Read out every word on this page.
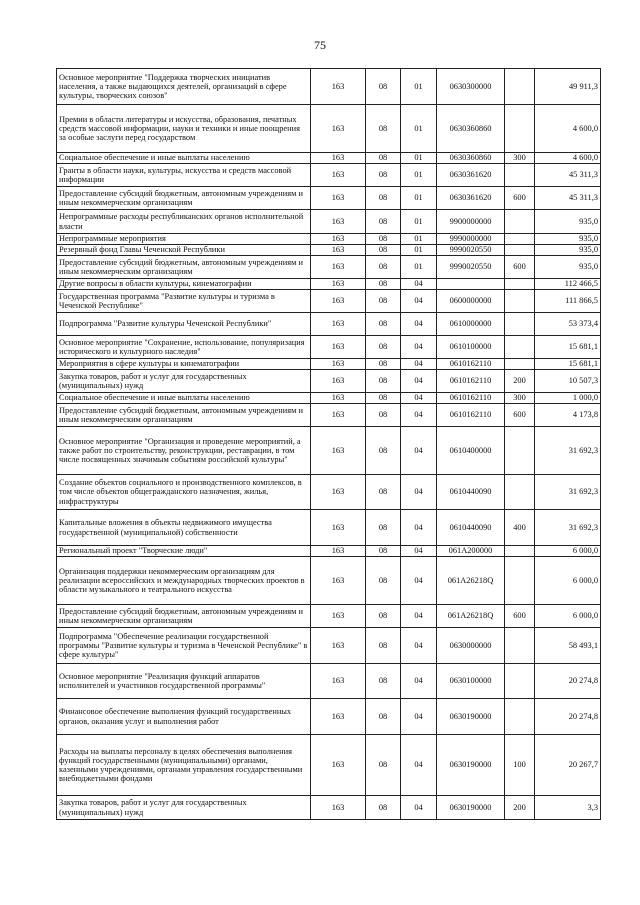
75
Основное мероприятие "Поддержка творческих инициатив населения, а также выдающихся деятелей, организаций в сфере культуры, творческих союзов"	163	08	01	0630300000		49 911,3
Премии в области литературы и искусства, образования, печатных средств массовой информации, науки и техники и иные поощрения за особые заслуги перед государством	163	08	01	0630360860		4 600,0
Социальное обеспечение и иные выплаты населению	163	08	01	0630360860	300	4 600,0
Гранты в области науки, культуры, искусства и средств массовой информации	163	08	01	0630361620		45 311,3
Предоставление субсидий бюджетным, автономным учреждениям и иным некоммерческим организациям	163	08	01	0630361620	600	45 311,3
Непрограммные расходы республиканских органов исполнительной власти	163	08	01	9900000000		935,0
Непрограммные мероприятия	163	08	01	9990000000		935,0
Резервный фонд Главы Чеченской Республики	163	08	01	9990020550		935,0
Предоставление субсидий бюджетным, автономным учреждениям и иным некоммерческим организациям	163	08	01	9990020550	600	935,0
Другие вопросы в области культуры, кинематографии	163	08	04			112 466,5
Государственная программа "Развитие культуры и туризма в Чеченской Республике"	163	08	04	0600000000		111 866,5
Подпрограмма "Развитие культуры Чеченской Республики"	163	08	04	0610000000		53 373,4
Основное мероприятие "Сохранение, использование, популяризация исторического и культурного наследия"	163	08	04	0610100000		15 681,1
Мероприятия в сфере культуры и кинематографии	163	08	04	0610162110		15 681,1
Закупка товаров, работ и услуг для государственных (муниципальных) нужд	163	08	04	0610162110	200	10 507,3
Социальное обеспечение и иные выплаты населению	163	08	04	0610162110	300	1 000,0
Предоставление субсидий бюджетным, автономным учреждениям и иным некоммерческим организациям	163	08	04	0610162110	600	4 173,8
Основное мероприятие "Организация и проведение мероприятий, а также работ по строительству, реконструкции, реставрации, в том числе посвященных значимым событиям российской культуры"	163	08	04	0610400000		31 692,3
Создание объектов социального и производственного комплексов, в том числе объектов общегражданского назначения, жилья, инфраструктуры	163	08	04	0610440090		31 692,3
Капитальные вложения в объекты недвижимого имущества государственной (муниципальной) собственности	163	08	04	0610440090	400	31 692,3
Региональный проект "Творческие люди"	163	08	04	061A200000		6 000,0
Организация поддержки некоммерческим организациям для реализации всероссийских и международных творческих проектов в области музыкального и театрального искусства	163	08	04	061A26218Q		6 000,0
Предоставление субсидий бюджетным, автономным учреждениям и иным некоммерческим организациям	163	08	04	061A26218Q	600	6 000,0
Подпрограмма "Обеспечение реализации государственной программы "Развитие культуры и туризма в Чеченской Республике" в сфере культуры"	163	08	04	0630000000		58 493,1
Основное мероприятие "Реализация функций аппаратов исполнителей и участников государственной программы"	163	08	04	0630100000		20 274,8
Финансовое обеспечение выполнения функций государственных органов, оказания услуг и выполнения работ	163	08	04	0630190000		20 274,8
Расходы на выплаты персоналу в целях обеспечения выполнения функций государственными (муниципальными) органами, казенными учреждениями, органами управления государственными внебюджетными фондами	163	08	04	0630190000	100	20 267,7
Закупка товаров, работ и услуг для государственных (муниципальных) нужд	163	08	04	0630190000	200	3,3
